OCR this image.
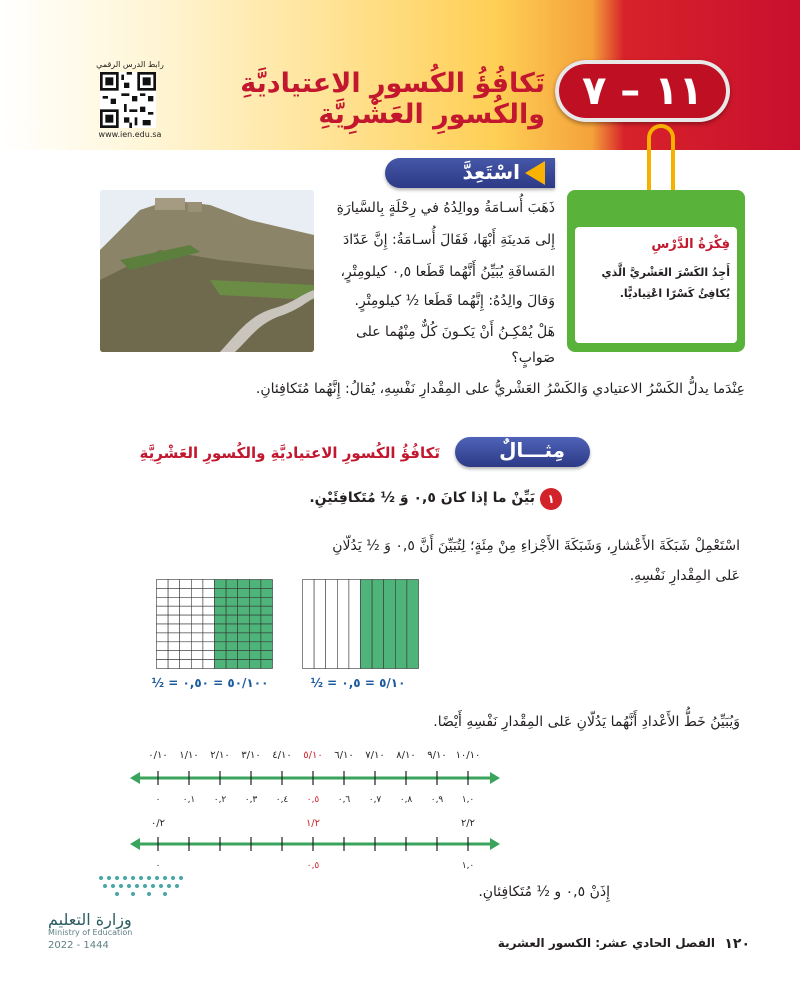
رابط الدرس الرقمي
www.ien.edu.sa
تَكافُؤُ الكُسورِ الاعتياديَّةِ والكُسورِ العَشْرِيَّةِ
١١ – ٧
فِكْرَةُ الدَّرْسِ
أَجِدُ الكَسْرَ العَشْريَّ الَّذي يُكافِئُ كَسْرًا اعْتِياديًّا.
اسْتَعِدَّ
ذَهَبَ أُسـامَةُ ووالِدُهُ في رِحْلَةٍ بِالسَّيارَةِ
إِلى مَدينَةِ أَبْهَا، فَقَالَ أُسـامَةُ: إِنَّ عَدّادَ
المَسافَةِ يُبَيِّنُ أَنَّهُما قَطَعا ٠,٥ كيلومِتْرٍ،
وَقالَ والِدُهُ: إِنَّهُما قَطَعا ½ كيلومِتْرٍ.
هَلْ يُمْكِـنُ أَنْ يَكـونَ كُلٌّ مِنْهُما على
صَوابٍ؟
عِنْدَما يدلُّ الكَسْرُ الاعتيادي وَالكَسْرُ العَشْريُّ على المِقْدارِ نَفْسِهِ، يُقالُ: إِنَّهُما مُتَكافِئانِ.
مِثـــالٌ
تَكافُؤُ الكُسورِ الاعتياديَّةِ والكُسورِ العَشْرِيَّةِ
١
بَيِّنْ ما إذا كانَ ٠,٥ وَ ½ مُتَكافِئَيْنِ.
اسْتَعْمِلْ شَبَكَةَ الأَعْشارِ، وَشَبَكَةَ الأَجْزاءِ مِنْ مِئَةٍ؛ لِتُبَيِّنَ أَنَّ ٠,٥ وَ ½ يَدُلّانِ
عَلى المِقْدارِ نَفْسِهِ.
½ = ٥٠/١٠٠ = ٠,٥٠	½ = ٥/١٠ = ٠,٥
وَيُبَيِّنُ خَطُّ الأَعْدادِ أَنَّهُما يَدُلّانِ عَلى المِقْدارِ نَفْسِهِ أَيْضًا.
٠/١٠
٠
١/١٠
٠,١
٢/١٠
٠,٢
٣/١٠
٠,٣
٤/١٠
٠,٤
٥/١٠
٠,٥
٦/١٠
٠,٦
٧/١٠
٠,٧
٨/١٠
٠,٨
٩/١٠
٠,٩
١٠/١٠
١,٠
٠/٢
٠
١/٢
٠,٥
٢/٢
١,٠
إِذَنْ ٠,٥ و ½ مُتَكافِئانِ.
وزارة التعليم
Ministry of Education
2022 - 1444	الفصل الحادي عشر: الكسور العشرية ١٢٠
